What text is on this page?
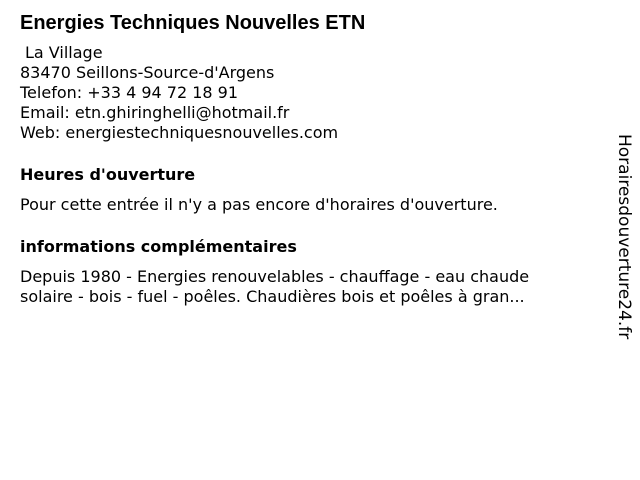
Energies Techniques Nouvelles ETN
La Village
83470 Seillons-Source-d'Argens
Telefon: +33 4 94 72 18 91
Email: etn.ghiringhelli@hotmail.fr
Web: energiestechniquesnouvelles.com
Heures d'ouverture
Pour cette entrée il n'y a pas encore d'horaires d'ouverture.
informations complémentaires
Depuis 1980 - Energies renouvelables - chauffage - eau chaude
solaire - bois - fuel - poêles. Chaudières bois et poêles à gran...	Horairesdouverture24.fr
